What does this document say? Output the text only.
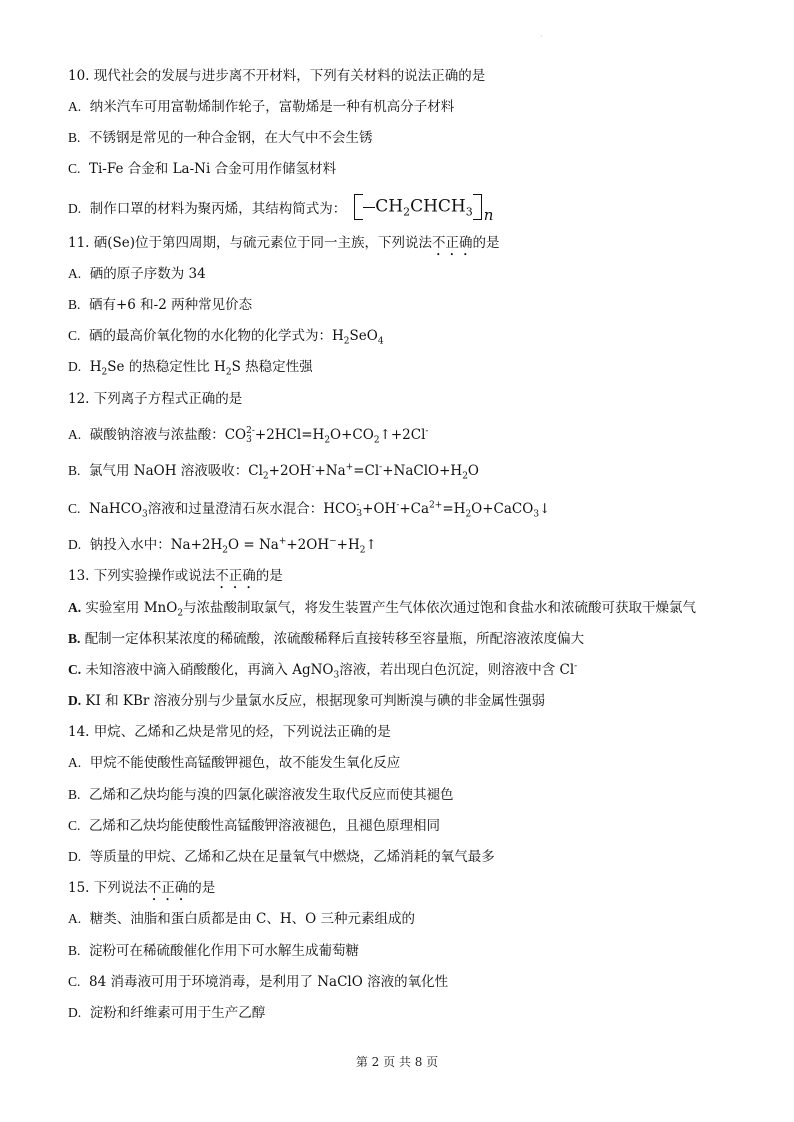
·
10. 现代社会的发展与进步离不开材料，下列有关材料的说法正确的是
A. 纳米汽车可用富勒烯制作轮子，富勒烯是一种有机高分子材料
B. 不锈钢是常见的一种合金钢，在大气中不会生锈
C. Ti-Fe 合金和 La-Ni 合金可用作储氢材料
D. 制作口罩的材料为聚丙烯，其结构简式为： $CH_2CHCH_3$ n
11. 硒(Se)位于第四周期，与硫元素位于同一主族，下列说法不正确的是
A. 硒的原子序数为 34
B. 硒有+6 和-2 两种常见价态
C. 硒的最高价氧化物的水化物的化学式为：$H_2SeO_4$
D. $H_2Se$ 的热稳定性比 $H_2S$ 热稳定性强
12. 下列离子方程式正确的是
A. 碳酸钠溶液与浓盐酸：CO2-
$3 +2HCl=H_2O+CO_2↑+2Cl^-$
B. 氯气用 NaOH 溶液吸收：$Cl_2+2OH^-+Na^+=Cl^-+NaClO+H_2O$
C. NaHCO$_3$溶液和过量澄清石灰水混合：HCO-
$3+OH^-+Ca^{2+}=H_2O+CaCO_3↓$
D. 钠投入水中：$Na+2H_2O$ = $Na^++2OH^-+H_2↑$
13. 下列实验操作或说法不正确的是
A. 实验室用 MnO$_2$与浓盐酸制取氯气，将发生装置产生气体依次通过饱和食盐水和浓硫酸可获取干燥氯气
B. 配制一定体积某浓度的稀硫酸，浓硫酸稀释后直接转移至容量瓶，所配溶液浓度偏大
C. 未知溶液中滴入硝酸酸化，再滴入 AgNO$_3$溶液，若出现白色沉淀，则溶液中含 Cl-
D. KI 和 KBr 溶液分别与少量氯水反应，根据现象可判断溴与碘的非金属性强弱
14. 甲烷、乙烯和乙炔是常见的烃，下列说法正确的是
A. 甲烷不能使酸性高锰酸钾褪色，故不能发生氧化反应
B. 乙烯和乙炔均能与溴的四氯化碳溶液发生取代反应而使其褪色
C. 乙烯和乙炔均能使酸性高锰酸钾溶液褪色，且褪色原理相同
D. 等质量的甲烷、乙烯和乙炔在足量氧气中燃烧，乙烯消耗的氧气最多
15. 下列说法不正确的是
A. 糖类、油脂和蛋白质都是由 C、H、O 三种元素组成的
B. 淀粉可在稀硫酸催化作用下可水解生成葡萄糖
C. 84 消毒液可用于环境消毒，是利用了 NaClO 溶液的氧化性
D. 淀粉和纤维素可用于生产乙醇
第 2 页 共 8 页
